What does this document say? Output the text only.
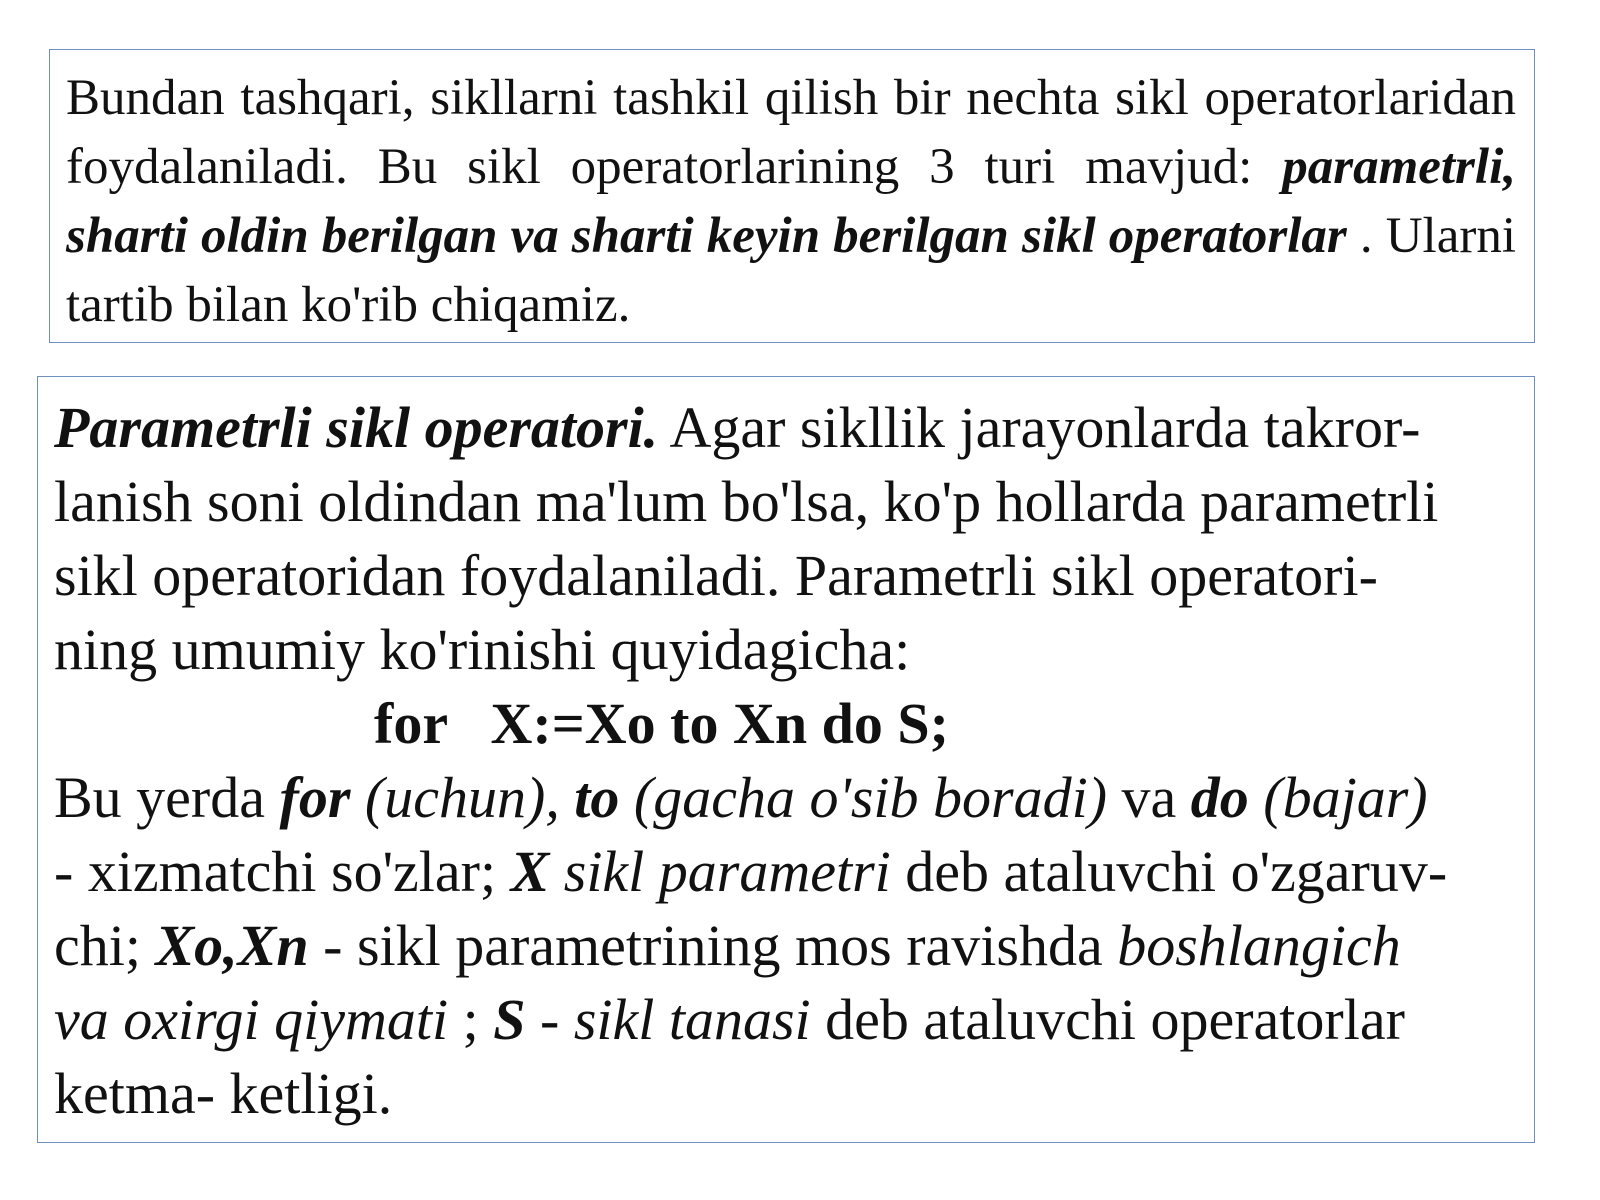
Bundan tashqari, sikllarni tashkil qilish bir nechta sikl operatorlaridan foydalaniladi. Bu sikl operatorlarining 3 turi mavjud: parametrli, sharti oldin berilgan va sharti keyin berilgan sikl operatorlar . Ularni tartib bilan ko'rib chiqamiz.
Parametrli sikl operatori. Agar sikllik jarayonlarda takror-
lanish soni oldindan ma'lum bo'lsa, ko'p hollarda parametrli
sikl operatoridan foydalaniladi. Parametrli sikl operatori-
ning umumiy ko'rinishi quyidagicha:
for   X:=Xo to Xn do S;
Bu yerda for (uchun), to (gacha o'sib boradi) va do (bajar)
- xizmatchi so'zlar; X sikl parametri deb ataluvchi o'zgaruv-
chi; Xo,Xn - sikl parametrining mos ravishda boshlangich
va oxirgi qiymati ; S - sikl tanasi deb ataluvchi operatorlar
ketma- ketligi.
